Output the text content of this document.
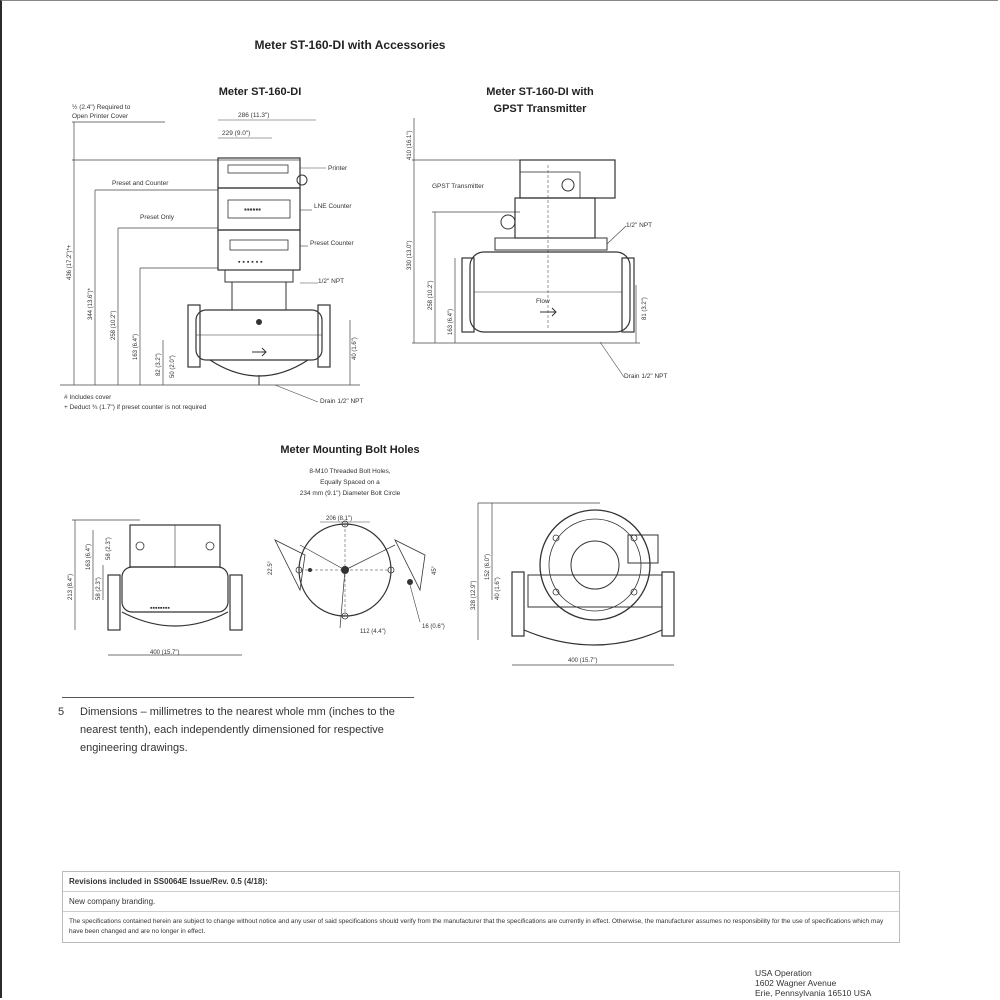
Meter ST-160-DI with Accessories
Meter ST-160-DI
½ (2.4") Required to
Open Printer Cover	286 (11.3")
229 (9.0")
Preset and Counter
Preset Only
Printer
LNE Counter
Preset Counter
1/2" NPT
Drain 1/2" NPT
▪▪▪▪▪▪
▪ ▪ ▪ ▪ ▪ ▪
436 (17.2")*+
344 (13.6")*
258 (10.2")
163 (6.4")
82 (3.2") 50 (2.0")
40 (1.6")
# Includes cover
+ Deduct ¾ (1.7") if preset counter is not required
Meter ST-160-DI with
GPST Transmitter
GPST Transmitter
1/2" NPT
Drain 1/2" NPT
Flow
410 (16.1")
330 (13.0")
258 (10.2")
163 (6.4")
81 (3.2")
Meter Mounting Bolt Holes
8-M10 Threaded Bolt Holes,
Equally Spaced on a
234 mm (9.1") Diameter Bolt Circle
▪▪▪▪▪▪▪▪
213 (8.4")
163 (6.4")
58 (2.3")
58 (2.3")
400 (15.7")
206 (8.1")
22.5°	45°
112 (4.4")
16 (0.6")
328 (12.9")
152 (6.0")
40 (1.6")
400 (15.7")
5 Dimensions – millimetres to the nearest whole mm (inches to the nearest tenth), each independently dimensioned for respective engineering drawings.
Revisions included in SS0064E Issue/Rev. 0.5 (4/18):
New company branding.
The specifications contained herein are subject to change without notice and any user of said specifications should verify from the manufacturer that the specifications are currently in effect. Otherwise, the manufacturer assumes no responsibility for the use of specifications which may have been changed and are no longer in effect.
USA Operation
1602 Wagner Avenue
Erie, Pennsylvania 16510 USA
